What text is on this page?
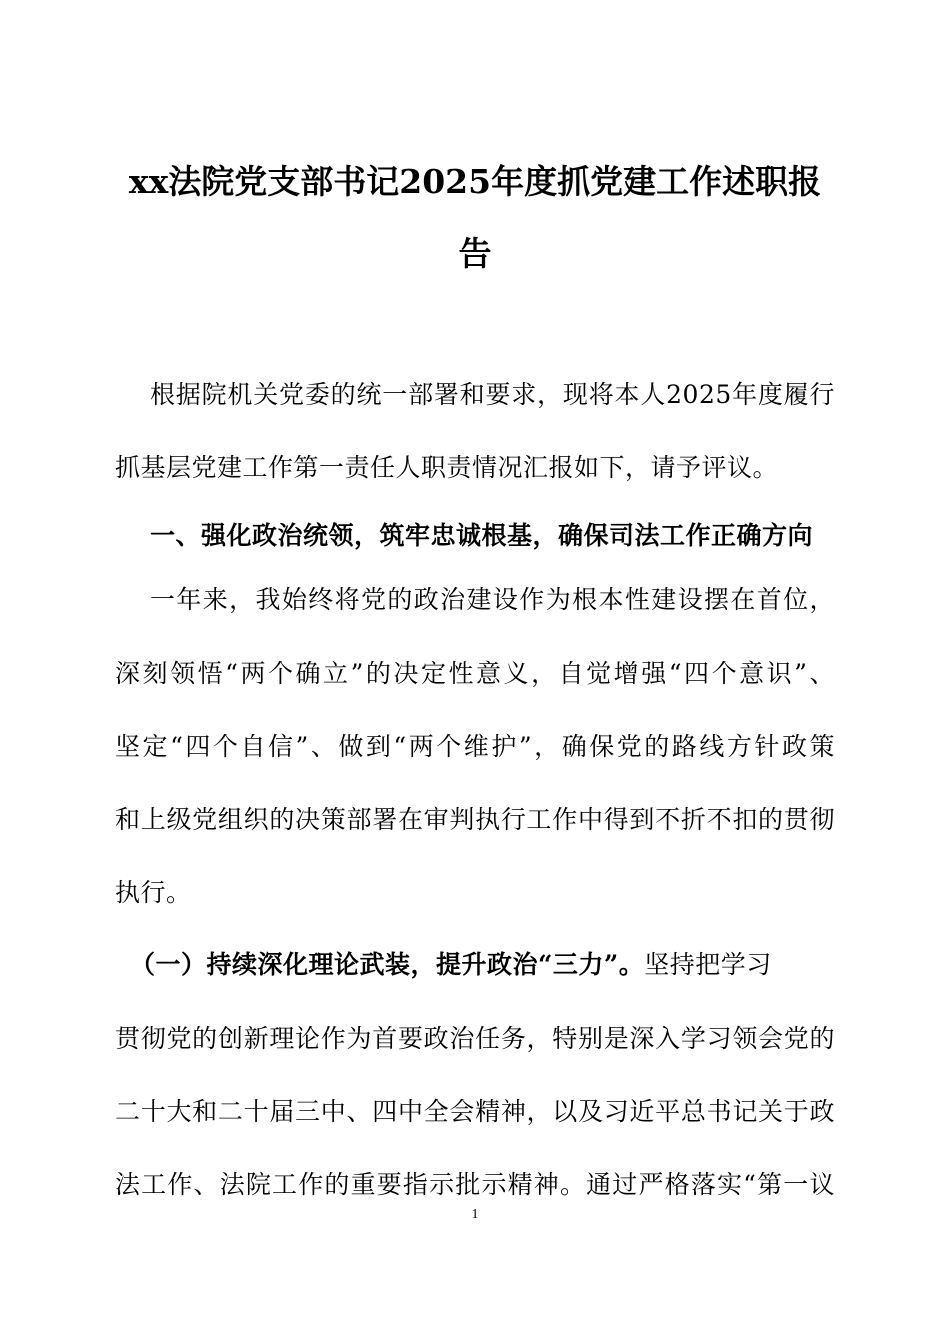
xx法院党支部书记2025年度抓党建工作述职报
告
根据院机关党委的统一部署和要求，现将本人2025年度履行
抓基层党建工作第一责任人职责情况汇报如下，请予评议。
一、强化政治统领，筑牢忠诚根基，确保司法工作正确方向
一年来，我始终将党的政治建设作为根本性建设摆在首位，
深刻领悟“两个确立”的决定性意义，自觉增强“四个意识”、
坚定“四个自信”、做到“两个维护”，确保党的路线方针政策
和上级党组织的决策部署在审判执行工作中得到不折不扣的贯彻
执行。
（一）持续深化理论武装，提升政治“三力”。坚持把学习
贯彻党的创新理论作为首要政治任务，特别是深入学习领会党的
二十大和二十届三中、四中全会精神，以及习近平总书记关于政
法工作、法院工作的重要指示批示精神。通过严格落实“第一议
1
